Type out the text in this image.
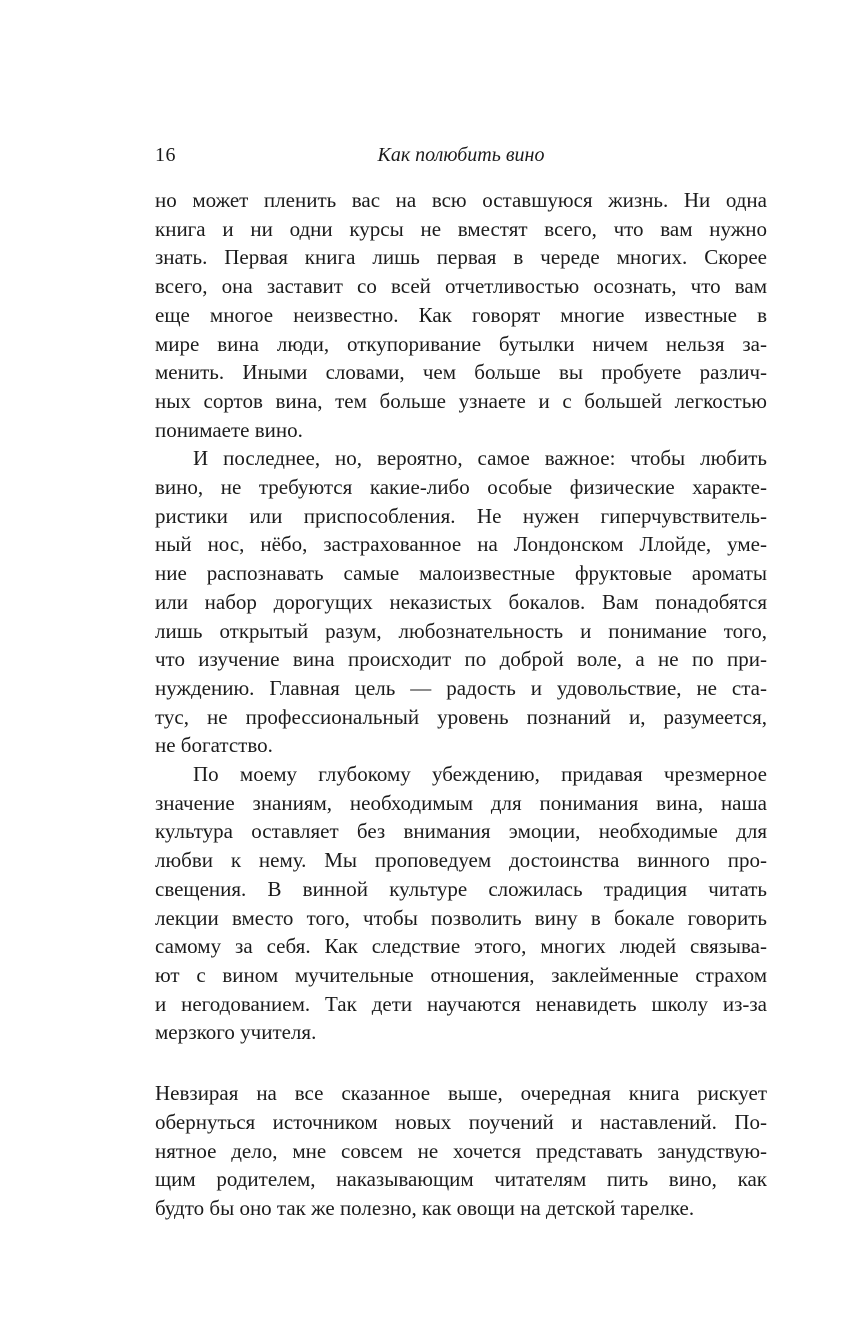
16	Как полюбить вино
но может пленить вас на всю оставшуюся жизнь. Ни одна
книга и ни одни курсы не вместят всего, что вам нужно
знать. Первая книга лишь первая в череде многих. Скорее
всего, она заставит со всей отчетливостью осознать, что вам
еще многое неизвестно. Как говорят многие известные в
мире вина люди, откупоривание бутылки ничем нельзя за-
менить. Иными словами, чем больше вы пробуете различ-
ных сортов вина, тем больше узнаете и с большей легкостью
понимаете вино.
И последнее, но, вероятно, самое важное: чтобы любить
вино, не требуются какие-либо особые физические характе-
ристики или приспособления. Не нужен гиперчувствитель-
ный нос, нёбо, застрахованное на Лондонском Ллойде, уме-
ние распознавать самые малоизвестные фруктовые ароматы
или набор дорогущих неказистых бокалов. Вам понадобятся
лишь открытый разум, любознательность и понимание того,
что изучение вина происходит по доброй воле, а не по при-
нуждению. Главная цель — радость и удовольствие, не ста-
тус, не профессиональный уровень познаний и, разумеется,
не богатство.
По моему глубокому убеждению, придавая чрезмерное
значение знаниям, необходимым для понимания вина, наша
культура оставляет без внимания эмоции, необходимые для
любви к нему. Мы проповедуем достоинства винного про-
свещения. В винной культуре сложилась традиция читать
лекции вместо того, чтобы позволить вину в бокале говорить
самому за себя. Как следствие этого, многих людей связыва-
ют с вином мучительные отношения, заклейменные страхом
и негодованием. Так дети научаются ненавидеть школу из-за
мерзкого учителя.
Невзирая на все сказанное выше, очередная книга рискует
обернуться источником новых поучений и наставлений. По-
нятное дело, мне совсем не хочется представать занудствую-
щим родителем, наказывающим читателям пить вино, как
будто бы оно так же полезно, как овощи на детской тарелке.
